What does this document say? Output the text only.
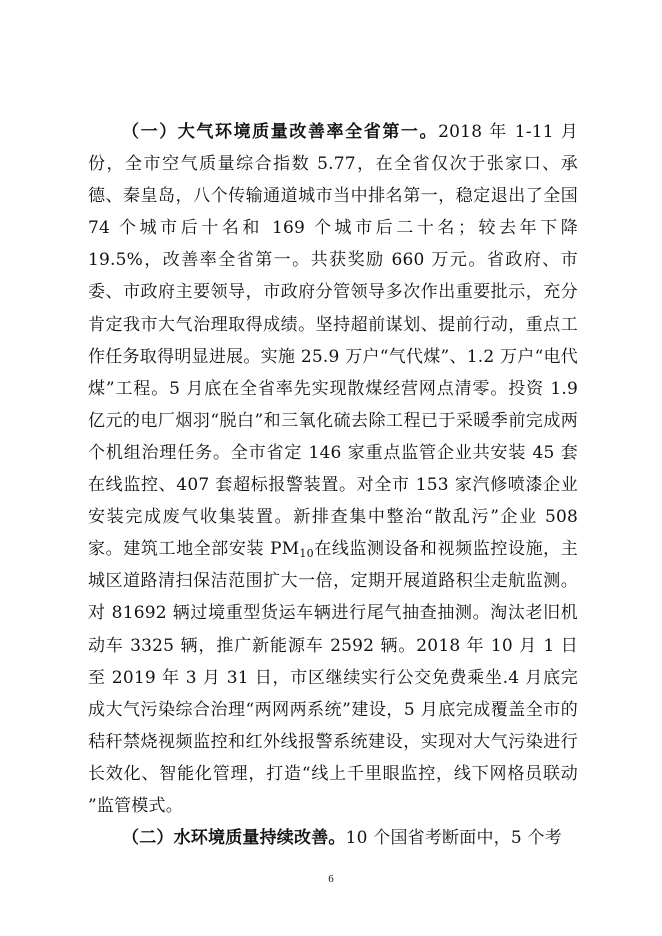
（一）大气环境质量改善率全省第一。2018 年 1-11 月份，全市空气质量综合指数 5.77，在全省仅次于张家口、承德、秦皇岛，八个传输通道城市当中排名第一，稳定退出了全国 74 个城市后十名和 169 个城市后二十名；较去年下降 19.5%，改善率全省第一。共获奖励 660 万元。省政府、市委、市政府主要领导，市政府分管领导多次作出重要批示，充分肯定我市大气治理取得成绩。坚持超前谋划、提前行动，重点工作任务取得明显进展。实施 25.9 万户“气代煤”、1.2 万户“电代煤”工程。5 月底在全省率先实现散煤经营网点清零。投资 1.9 亿元的电厂烟羽“脱白”和三氧化硫去除工程已于采暖季前完成两个机组治理任务。全市省定 146 家重点监管企业共安装 45 套在线监控、407 套超标报警装置。对全市 153 家汽修喷漆企业安装完成废气收集装置。新排查集中整治“散乱污”企业 508 家。建筑工地全部安装 $PM_{10}$在线监测设备和视频监控设施，主城区道路清扫保洁范围扩大一倍，定期开展道路积尘走航监测。对 81692 辆过境重型货运车辆进行尾气抽查抽测。淘汰老旧机动车 3325 辆，推广新能源车 2592 辆。2018 年 10 月 1 日至 2019 年 3 月 31 日，市区继续实行公交免费乘坐.4 月底完成大气污染综合治理“两网两系统”建设，5 月底完成覆盖全市的秸秆禁烧视频监控和红外线报警系统建设，实现对大气污染进行长效化、智能化管理，打造“线上千里眼监控，线下网格员联动 ”监管模式。

（二）水环境质量持续改善。10 个国省考断面中，5 个考

6
